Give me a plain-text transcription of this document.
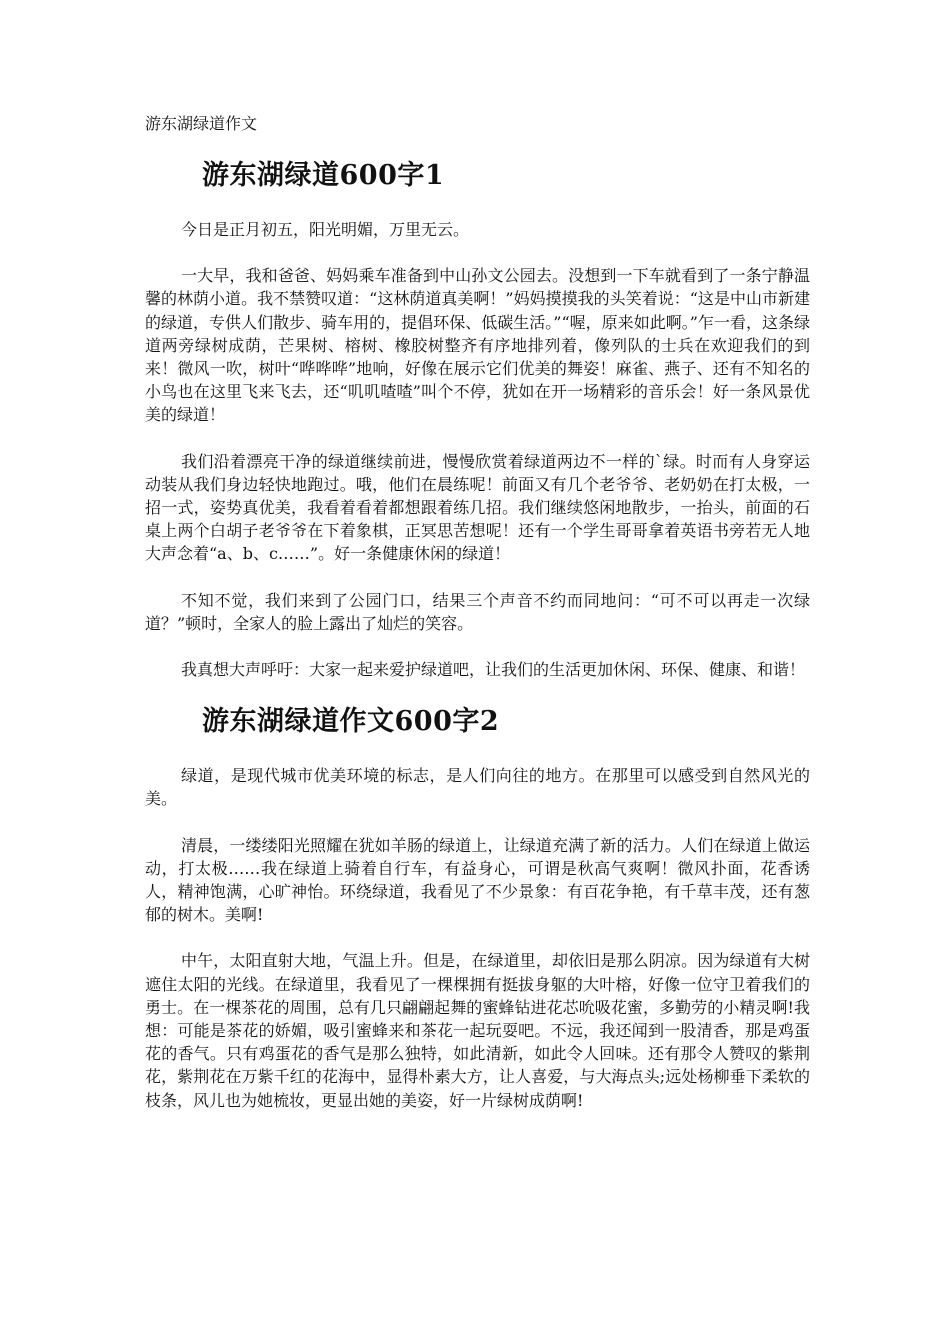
游东湖绿道作文
游东湖绿道600字1

今日是正月初五，阳光明媚，万里无云。

一大早，我和爸爸、妈妈乘车准备到中山孙文公园去。没想到一下车就看到了一条宁静温馨的林荫小道。我不禁赞叹道：“这林荫道真美啊！”妈妈摸摸我的头笑着说：“这是中山市新建的绿道，专供人们散步、骑车用的，提倡环保、低碳生活。”“喔，原来如此啊。”乍一看，这条绿道两旁绿树成荫，芒果树、榕树、橡胶树整齐有序地排列着，像列队的士兵在欢迎我们的到来！微风一吹，树叶“哗哗哗”地响，好像在展示它们优美的舞姿！麻雀、燕子、还有不知名的小鸟也在这里飞来飞去，还“叽叽喳喳”叫个不停，犹如在开一场精彩的音乐会！好一条风景优美的绿道！

我们沿着漂亮干净的绿道继续前进，慢慢欣赏着绿道两边不一样的`绿。时而有人身穿运动装从我们身边轻快地跑过。哦，他们在晨练呢！前面又有几个老爷爷、老奶奶在打太极，一招一式，姿势真优美，我看着看着都想跟着练几招。我们继续悠闲地散步，一抬头，前面的石桌上两个白胡子老爷爷在下着象棋，正冥思苦想呢！还有一个学生哥哥拿着英语书旁若无人地大声念着“a、b、c……”。好一条健康休闲的绿道！

不知不觉，我们来到了公园门口，结果三个声音不约而同地问：“可不可以再走一次绿道？”顿时，全家人的脸上露出了灿烂的笑容。

我真想大声呼吁：大家一起来爱护绿道吧，让我们的生活更加休闲、环保、健康、和谐！

游东湖绿道作文600字2

绿道，是现代城市优美环境的标志，是人们向往的地方。在那里可以感受到自然风光的美。

清晨，一缕缕阳光照耀在犹如羊肠的绿道上，让绿道充满了新的活力。人们在绿道上做运动，打太极……我在绿道上骑着自行车，有益身心，可谓是秋高气爽啊！微风扑面，花香诱人，精神饱满，心旷神怡。环绕绿道，我看见了不少景象：有百花争艳，有千草丰茂，还有葱郁的树木。美啊!

中午，太阳直射大地，气温上升。但是，在绿道里，却依旧是那么阴凉。因为绿道有大树遮住太阳的光线。在绿道里，我看见了一棵棵拥有挺拔身躯的大叶榕，好像一位守卫着我们的勇士。在一棵茶花的周围，总有几只翩翩起舞的蜜蜂钻进花芯吮吸花蜜，多勤劳的小精灵啊!我想：可能是茶花的娇媚，吸引蜜蜂来和茶花一起玩耍吧。不远，我还闻到一股清香，那是鸡蛋花的香气。只有鸡蛋花的香气是那么独特，如此清新，如此令人回味。还有那令人赞叹的紫荆花，紫荆花在万紫千红的花海中，显得朴素大方，让人喜爱，与大海点头;远处杨柳垂下柔软的枝条，风儿也为她梳妆，更显出她的美姿，好一片绿树成荫啊!
